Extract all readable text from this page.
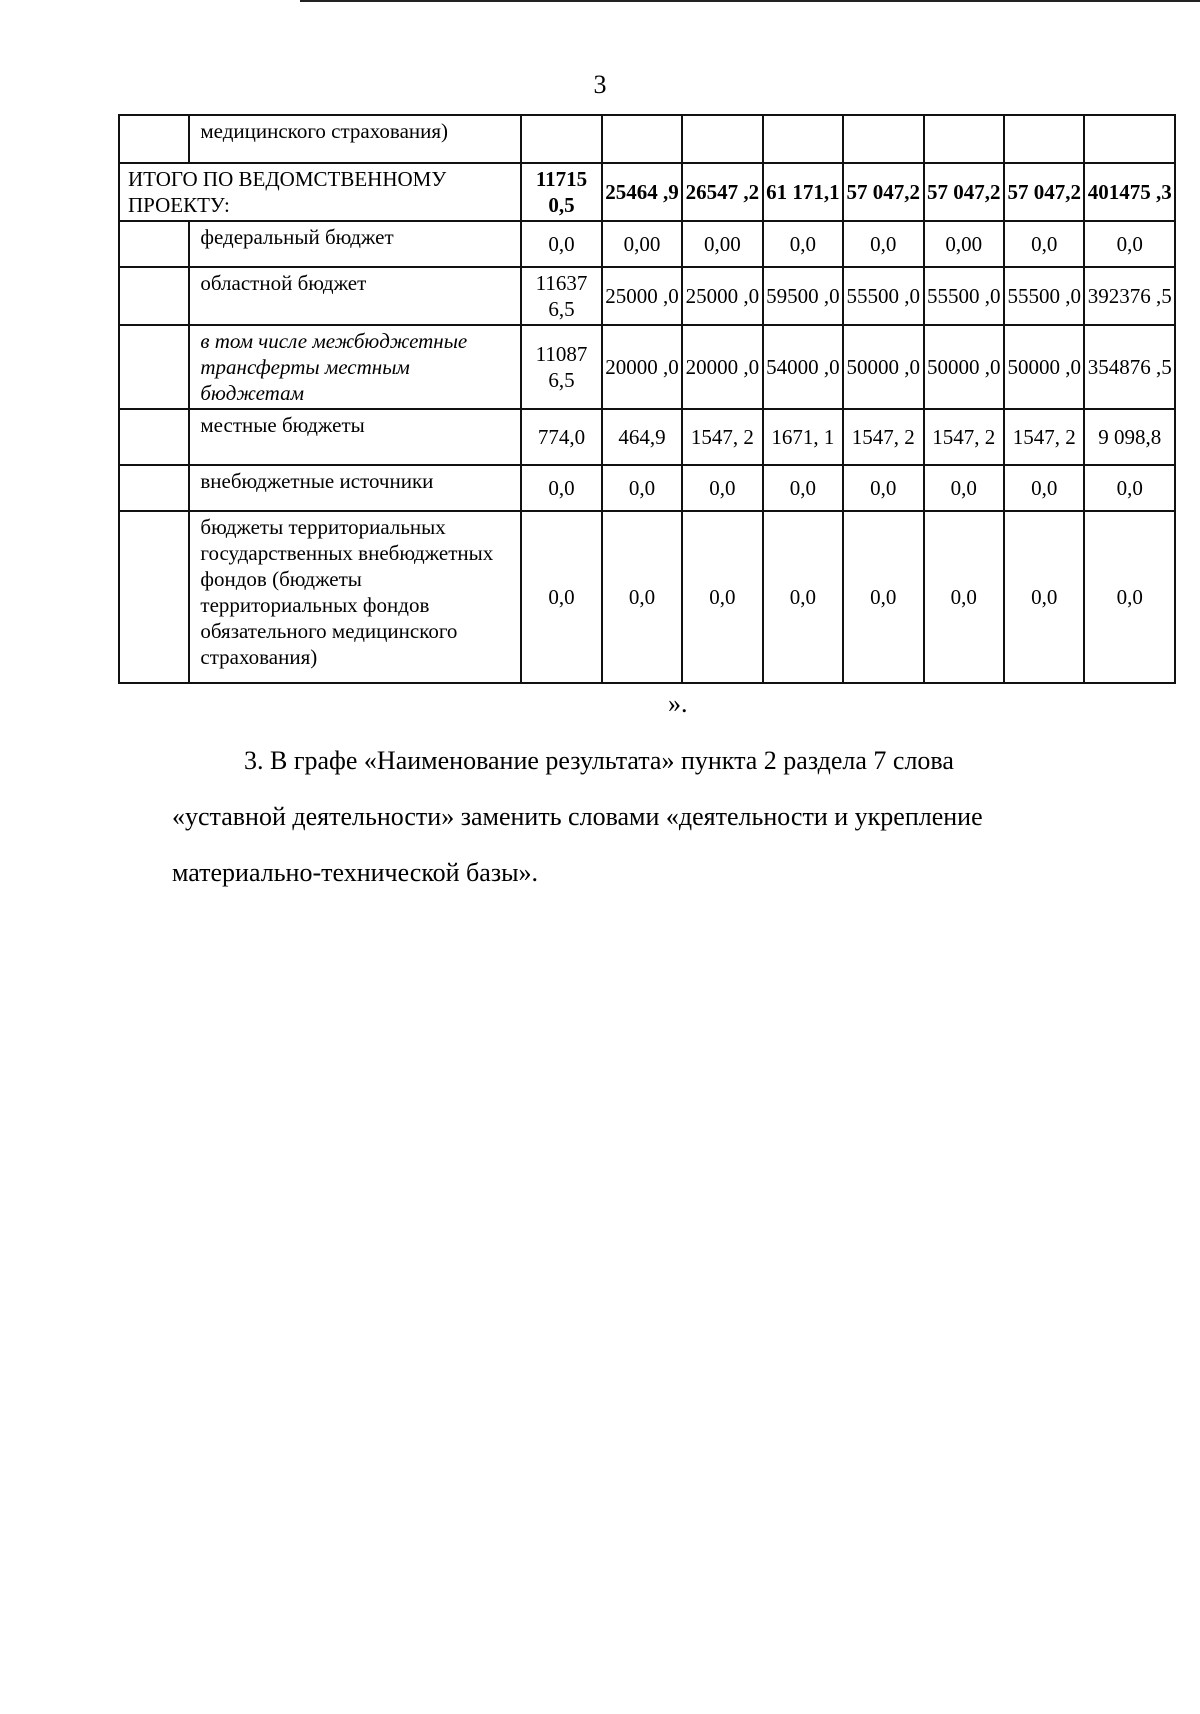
3
	медицинского страхования)								
ИТОГО ПО ВЕДОМСТВЕННОМУ ПРОЕКТУ:		11715 0,5	25464 ,9	26547 ,2	61 171,1	57 047,2	57 047,2	57 047,2	401475 ,3
	федеральный бюджет	0,0	0,00	0,00	0,0	0,0	0,00	0,0	0,0
	областной бюджет	11637 6,5	25000 ,0	25000 ,0	59500 ,0	55500 ,0	55500 ,0	55500 ,0	392376 ,5
	в том числе межбюджетные трансферты местным бюджетам	11087 6,5	20000 ,0	20000 ,0	54000 ,0	50000 ,0	50000 ,0	50000 ,0	354876 ,5
	местные бюджеты	774,0	464,9	1547, 2	1671, 1	1547, 2	1547, 2	1547, 2	9 098,8
	внебюджетные источники	0,0	0,0	0,0	0,0	0,0	0,0	0,0	0,0
	бюджеты территориальных государственных внебюджетных фондов (бюджеты территориальных фондов обязательного медицинского страхования)	0,0	0,0	0,0	0,0	0,0	0,0	0,0	0,0
».

3. В графе «Наименование результата» пункта 2 раздела 7 слова «уставной деятельности» заменить словами «деятельности и укрепление материально-технической базы».
